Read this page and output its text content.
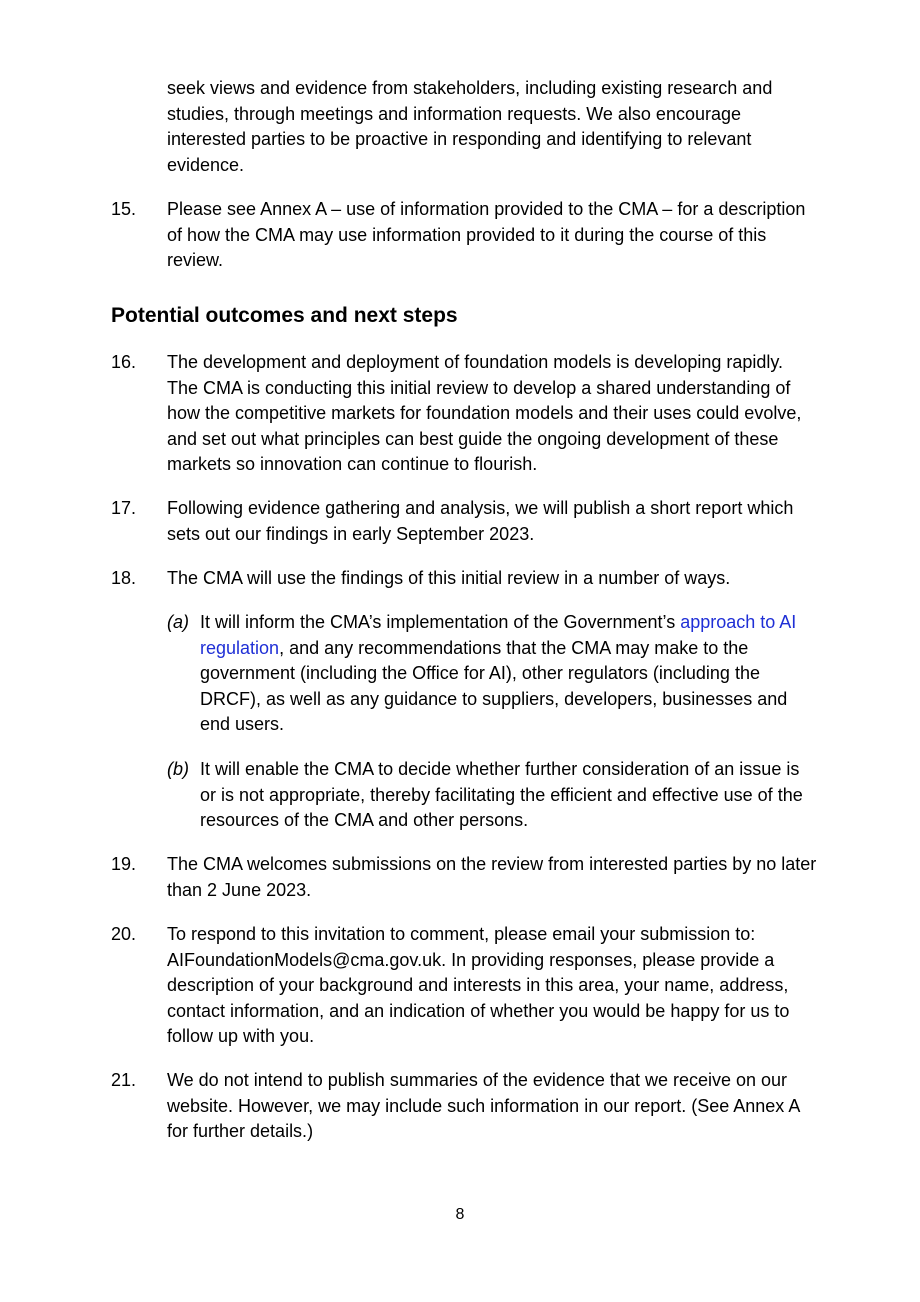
seek views and evidence from stakeholders, including existing research and studies, through meetings and information requests. We also encourage interested parties to be proactive in responding and identifying to relevant evidence.
15. Please see Annex A – use of information provided to the CMA – for a description of how the CMA may use information provided to it during the course of this review.
Potential outcomes and next steps
16. The development and deployment of foundation models is developing rapidly. The CMA is conducting this initial review to develop a shared understanding of how the competitive markets for foundation models and their uses could evolve, and set out what principles can best guide the ongoing development of these markets so innovation can continue to flourish.
17. Following evidence gathering and analysis, we will publish a short report which sets out our findings in early September 2023.
18. The CMA will use the findings of this initial review in a number of ways.
(a) It will inform the CMA’s implementation of the Government’s approach to AI regulation, and any recommendations that the CMA may make to the government (including the Office for AI), other regulators (including the DRCF), as well as any guidance to suppliers, developers, businesses and end users.
(b) It will enable the CMA to decide whether further consideration of an issue is or is not appropriate, thereby facilitating the efficient and effective use of the resources of the CMA and other persons.
19. The CMA welcomes submissions on the review from interested parties by no later than 2 June 2023.
20. To respond to this invitation to comment, please email your submission to: AIFoundationModels@cma.gov.uk. In providing responses, please provide a description of your background and interests in this area, your name, address, contact information, and an indication of whether you would be happy for us to follow up with you.
21. We do not intend to publish summaries of the evidence that we receive on our website. However, we may include such information in our report. (See Annex A for further details.)
8
